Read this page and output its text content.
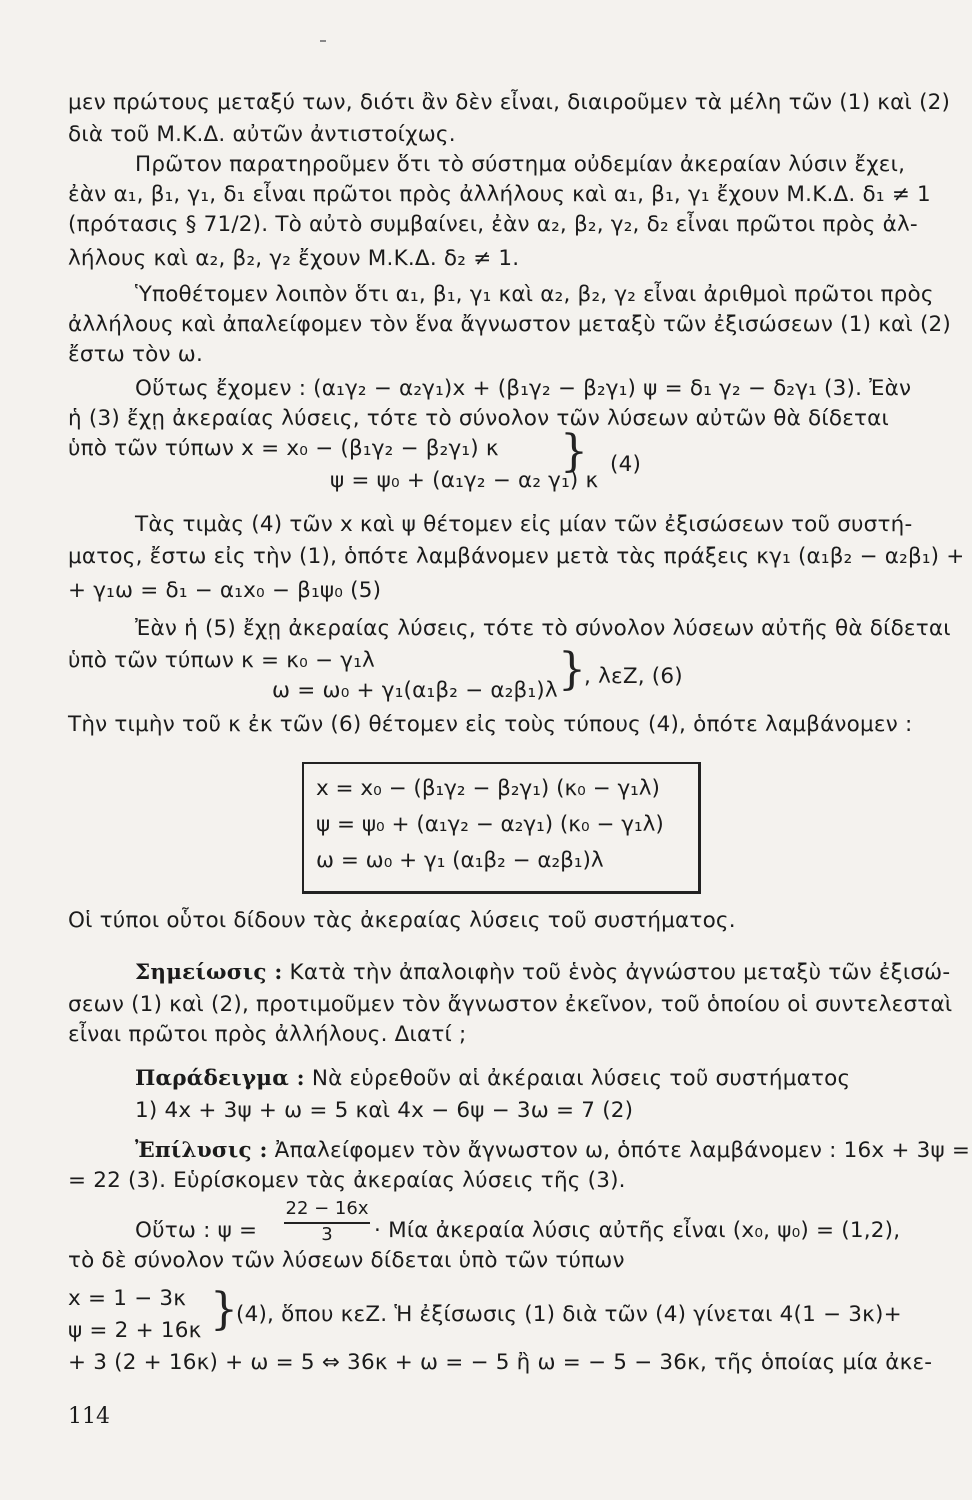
μεν πρώτους μεταξύ των, διότι ἂν δὲν εἶναι, διαιροῦμεν τὰ μέλη τῶν (1) καὶ (2)
διὰ τοῦ Μ.Κ.Δ. αὐτῶν ἀντιστοίχως.
Πρῶτον παρατηροῦμεν ὅτι τὸ σύστημα οὐδεμίαν ἀκεραίαν λύσιν ἔχει,
ἐὰν α₁, β₁, γ₁, δ₁ εἶναι πρῶτοι πρὸς ἀλλήλους καὶ α₁, β₁, γ₁ ἔχουν Μ.Κ.Δ. δ₁ ≠ 1
(πρότασις § 71/2). Τὸ αὐτὸ συμβαίνει, ἐὰν α₂, β₂, γ₂, δ₂ εἶναι πρῶτοι πρὸς ἀλ-
λήλους καὶ α₂, β₂, γ₂ ἔχουν Μ.Κ.Δ. δ₂ ≠ 1.
Ὑποθέτομεν λοιπὸν ὅτι α₁, β₁, γ₁ καὶ α₂, β₂, γ₂ εἶναι ἀριθμοὶ πρῶτοι πρὸς
ἀλλήλους καὶ ἀπαλείφομεν τὸν ἕνα ἄγνωστον μεταξὺ τῶν ἐξισώσεων (1) καὶ (2)
ἔστω τὸν ω.
Οὕτως ἔχομεν : (α₁γ₂ − α₂γ₁)x + (β₁γ₂ − β₂γ₁) ψ = δ₁ γ₂ − δ₂γ₁ (3). Ἐὰν
ἡ (3) ἔχῃ ἀκεραίας λύσεις, τότε τὸ σύνολον τῶν λύσεων αὐτῶν θὰ δίδεται
ὑπὸ τῶν τύπων x = x₀ − (β₁γ₂ − β₂γ₁) κ	} (4)
ψ = ψ₀ + (α₁γ₂ − α₂ γ₁) κ
Τὰς τιμὰς (4) τῶν x καὶ ψ θέτομεν εἰς μίαν τῶν ἐξισώσεων τοῦ συστή-
ματος, ἔστω εἰς τὴν (1), ὁπότε λαμβάνομεν μετὰ τὰς πράξεις κγ₁ (α₁β₂ − α₂β₁) +
+ γ₁ω = δ₁ − α₁x₀ − β₁ψ₀ (5)
Ἐὰν ἡ (5) ἔχῃ ἀκεραίας λύσεις, τότε τὸ σύνολον λύσεων αὐτῆς θὰ δίδεται
ὑπὸ τῶν τύπων κ = κ₀ − γ₁λ	}
, λεΖ, (6)
ω = ω₀ + γ₁(α₁β₂ − α₂β₁)λ
Τὴν τιμὴν τοῦ κ ἐκ τῶν (6) θέτομεν εἰς τοὺς τύπους (4), ὁπότε λαμβάνομεν :
x = x₀ − (β₁γ₂ − β₂γ₁) (κ₀ − γ₁λ)
ψ = ψ₀ + (α₁γ₂ − α₂γ₁) (κ₀ − γ₁λ)
ω = ω₀ + γ₁ (α₁β₂ − α₂β₁)λ
Οἱ τύποι οὗτοι δίδουν τὰς ἀκεραίας λύσεις τοῦ συστήματος.
Σημείωσις : Κατὰ τὴν ἀπαλοιφὴν τοῦ ἑνὸς ἀγνώστου μεταξὺ τῶν ἐξισώ-
σεων (1) καὶ (2), προτιμοῦμεν τὸν ἄγνωστον ἐκεῖνον, τοῦ ὁποίου οἱ συντελεσταὶ
εἶναι πρῶτοι πρὸς ἀλλήλους. Διατί ;
Παράδειγμα : Νὰ εὑρεθοῦν αἱ ἀκέραιαι λύσεις τοῦ συστήματος
1) 4x + 3ψ + ω = 5 καὶ 4x − 6ψ − 3ω = 7 (2)
Ἐπίλυσις : Ἀπαλείφομεν τὸν ἄγνωστον ω, ὁπότε λαμβάνομεν : 16x + 3ψ =
= 22 (3). Εὑρίσκομεν τὰς ἀκεραίας λύσεις τῆς (3).
Οὕτω : ψ =
22 − 16x
3	· Μία ἀκεραία λύσις αὐτῆς εἶναι (x₀, ψ₀) = (1,2),
τὸ δὲ σύνολον τῶν λύσεων δίδεται ὑπὸ τῶν τύπων
x = 1 − 3κ }
(4), ὅπου κεΖ. Ἡ ἐξίσωσις (1) διὰ τῶν (4) γίνεται 4(1 − 3κ)+
ψ = 2 + 16κ
+ 3 (2 + 16κ) + ω = 5 ⇔ 36κ + ω = − 5 ἢ ω = − 5 − 36κ, τῆς ὁποίας μία ἀκε-
114
